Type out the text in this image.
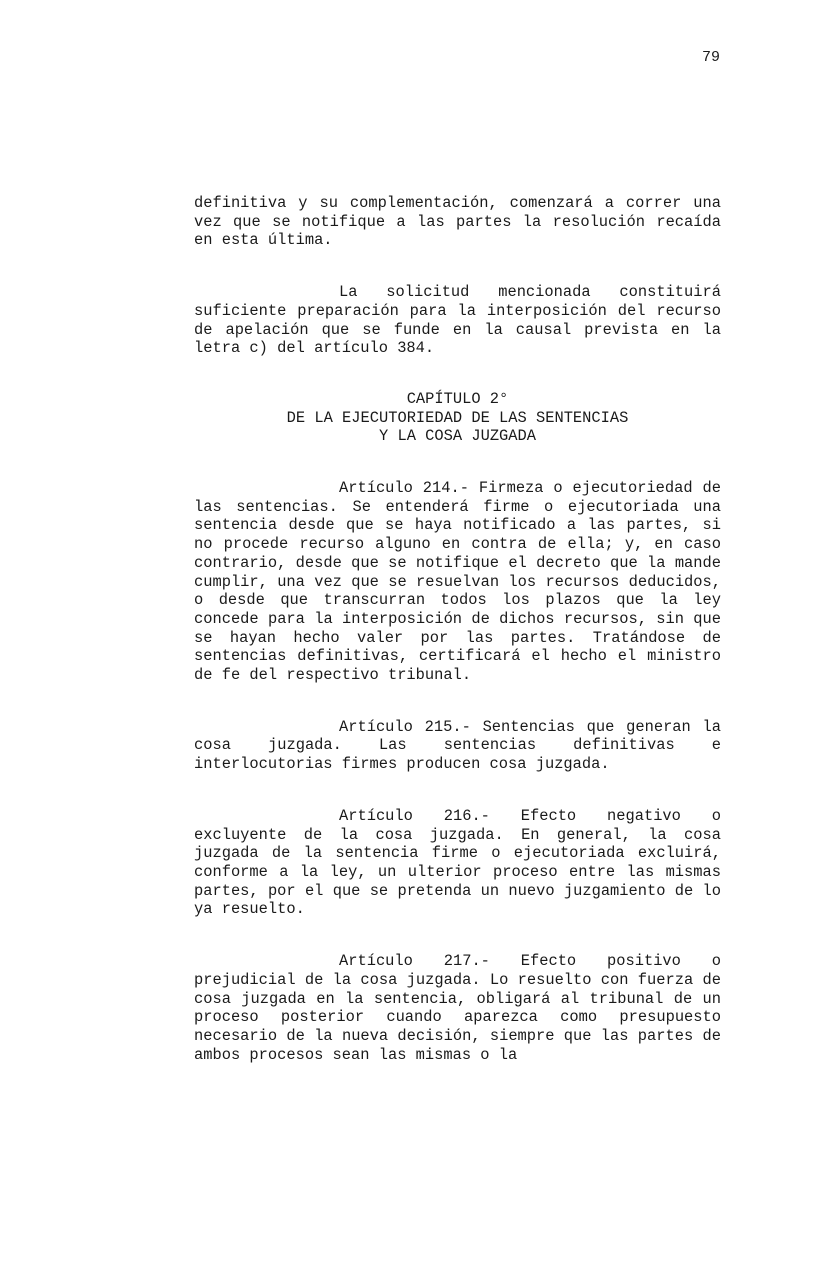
79

definitiva y su complementación, comenzará a correr una vez que se notifique a las partes la resolución recaída en esta última.

La solicitud mencionada constituirá suficiente preparación para la interposición del recurso de apelación que se funde en la causal prevista en la letra c) del artículo 384.

CAPÍTULO 2°
DE LA EJECUTORIEDAD DE LAS SENTENCIAS
Y LA COSA JUZGADA

Artículo 214.- Firmeza o ejecutoriedad de las sentencias. Se entenderá firme o ejecutoriada una sentencia desde que se haya notificado a las partes, si no procede recurso alguno en contra de ella; y, en caso contrario, desde que se notifique el decreto que la mande cumplir, una vez que se resuelvan los recursos deducidos, o desde que transcurran todos los plazos que la ley concede para la interposición de dichos recursos, sin que se hayan hecho valer por las partes. Tratándose de sentencias definitivas, certificará el hecho el ministro de fe del respectivo tribunal.

Artículo 215.- Sentencias que generan la cosa juzgada. Las sentencias definitivas e interlocutorias firmes producen cosa juzgada.

Artículo 216.- Efecto negativo o excluyente de la cosa juzgada. En general, la cosa juzgada de la sentencia firme o ejecutoriada excluirá, conforme a la ley, un ulterior proceso entre las mismas partes, por el que se pretenda un nuevo juzgamiento de lo ya resuelto.

Artículo 217.- Efecto positivo o prejudicial de la cosa juzgada. Lo resuelto con fuerza de cosa juzgada en la sentencia, obligará al tribunal de un proceso posterior cuando aparezca como presupuesto necesario de la nueva decisión, siempre que las partes de ambos procesos sean las mismas o la
